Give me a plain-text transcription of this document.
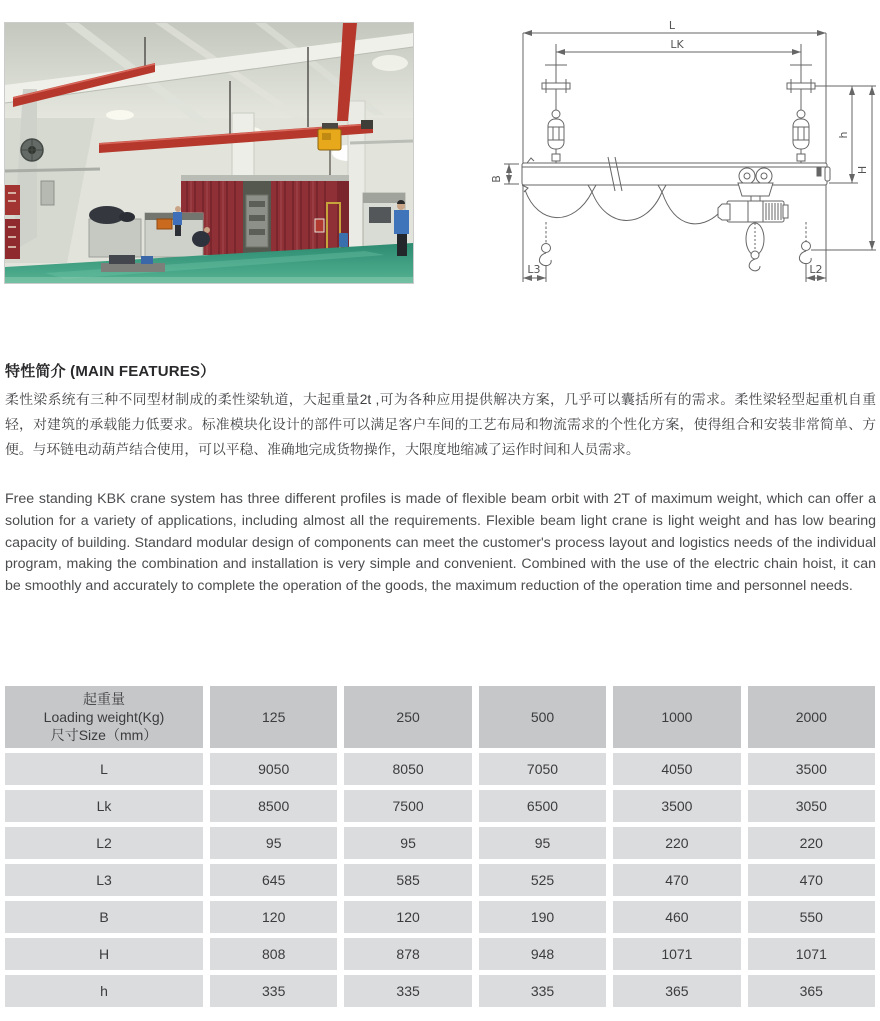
L
LK
B
h
H
L3	L2
特性简介 (MAIN FEATURES）
柔性梁系统有三种不同型材制成的柔性梁轨道，大起重量2t ,可为各种应用提供解决方案，几乎可以囊括所有的需求。柔性梁轻型起重机自重轻，对建筑的承载能力低要求。标准模块化设计的部件可以满足客户车间的工艺布局和物流需求的个性化方案，使得组合和安装非常简单、方便。与环链电动葫芦结合使用，可以平稳、准确地完成货物操作，大限度地缩减了运作时间和人员需求。
Free standing KBK crane system has three different profiles is made of flexible beam orbit with 2T of maximum weight, which can offer a solution for a variety of applications, including almost all the requirements. Flexible beam light crane is light weight and has low bearing capacity of building. Standard modular design of components can meet the customer's process layout and logistics needs of the individual program, making the combination and installation is very simple and convenient. Combined with the use of the electric chain hoist, it can be smoothly and accurately to complete the operation of the goods, the maximum reduction of the operation time and personnel needs.
起重量
Loading weight(Kg)
尺寸Size（mm）
125	250	500	1000	2000
L	9050	8050	7050	4050	3500
Lk	8500	7500	6500	3500	3050
L2	95	95	95	220	220
L3	645	585	525	470	470
B	120	120	190	460	550
H	808	878	948	1071	1071
h	335	335	335	365	365
